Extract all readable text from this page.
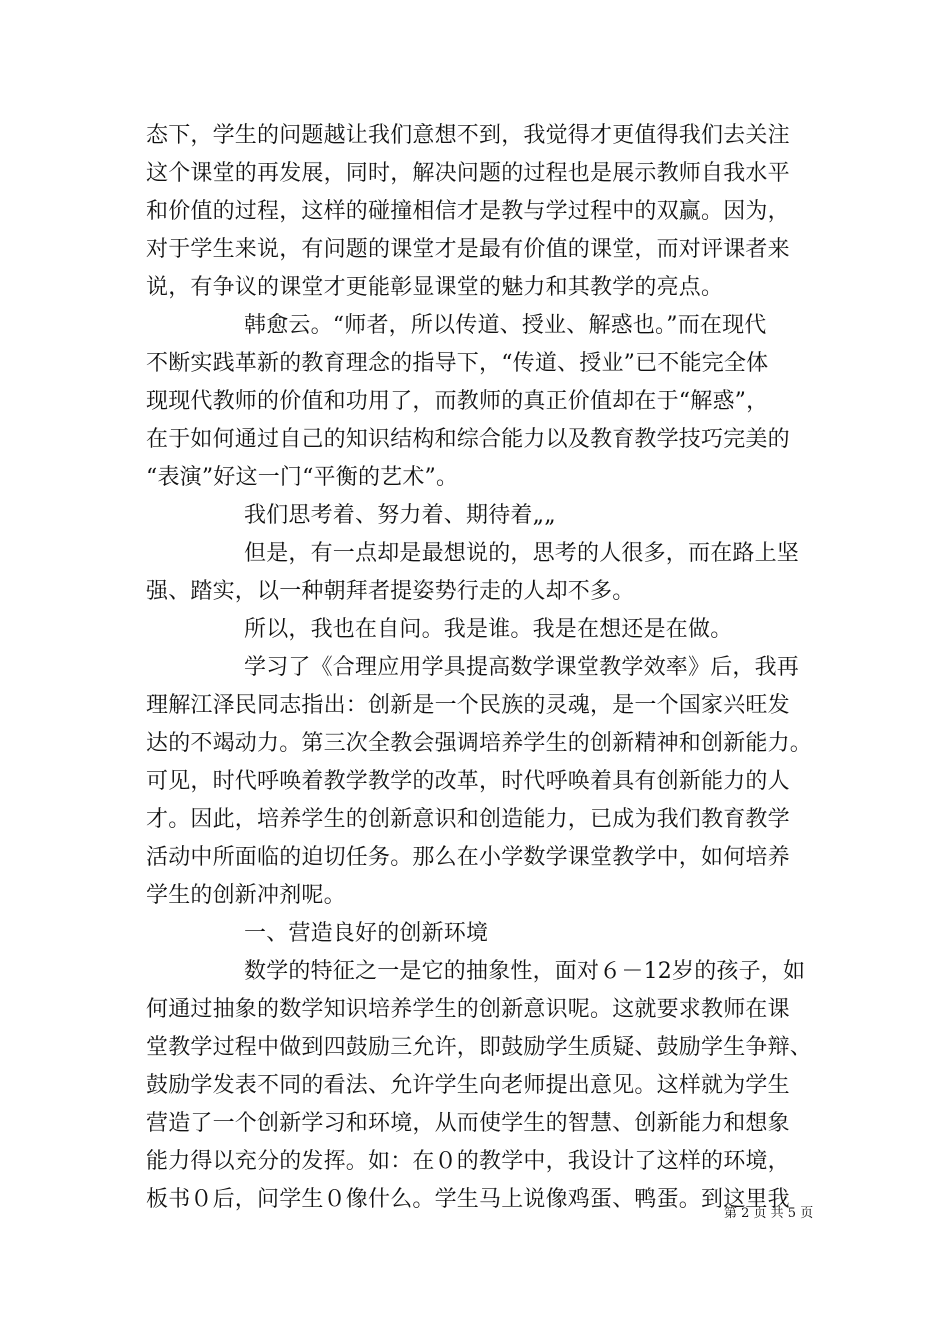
态下，学生的问题越让我们意想不到，我觉得才更值得我们去关注
这个课堂的再发展，同时，解决问题的过程也是展示教师自我水平
和价值的过程，这样的碰撞相信才是教与学过程中的双赢。因为，
对于学生来说，有问题的课堂才是最有价值的课堂，而对评课者来
说，有争议的课堂才更能彰显课堂的魅力和其教学的亮点。
韩愈云。“师者，所以传道、授业、解惑也。”而在现代
不断实践革新的教育理念的指导下，“传道、授业”已不能完全体
现现代教师的价值和功用了，而教师的真正价值却在于“解惑”，
在于如何通过自己的知识结构和综合能力以及教育教学技巧完美的
“表演”好这一门“平衡的艺术”。
我们思考着、努力着、期待着„„
但是，有一点却是最想说的，思考的人很多，而在路上坚
强、踏实，以一种朝拜者提姿势行走的人却不多。
所以，我也在自问。我是谁。我是在想还是在做。
学习了《合理应用学具提高数学课堂教学效率》后，我再
理解江泽民同志指出：创新是一个民族的灵魂，是一个国家兴旺发
达的不竭动力。第三次全教会强调培养学生的创新精神和创新能力。
可见，时代呼唤着教学教学的改革，时代呼唤着具有创新能力的人
才。因此，培养学生的创新意识和创造能力，已成为我们教育教学
活动中所面临的迫切任务。那么在小学数学课堂教学中，如何培养
学生的创新冲剂呢。
一、营造良好的创新环境
数学的特征之一是它的抽象性，面对６－12岁的孩子，如
何通过抽象的数学知识培养学生的创新意识呢。这就要求教师在课
堂教学过程中做到四鼓励三允许，即鼓励学生质疑、鼓励学生争辩、
鼓励学发表不同的看法、允许学生向老师提出意见。这样就为学生
营造了一个创新学习和环境，从而使学生的智慧、创新能力和想象
能力得以充分的发挥。如：在０的教学中，我设计了这样的环境，
板书０后，问学生０像什么。学生马上说像鸡蛋、鸭蛋。到这里我
第 2 页 共 5 页
